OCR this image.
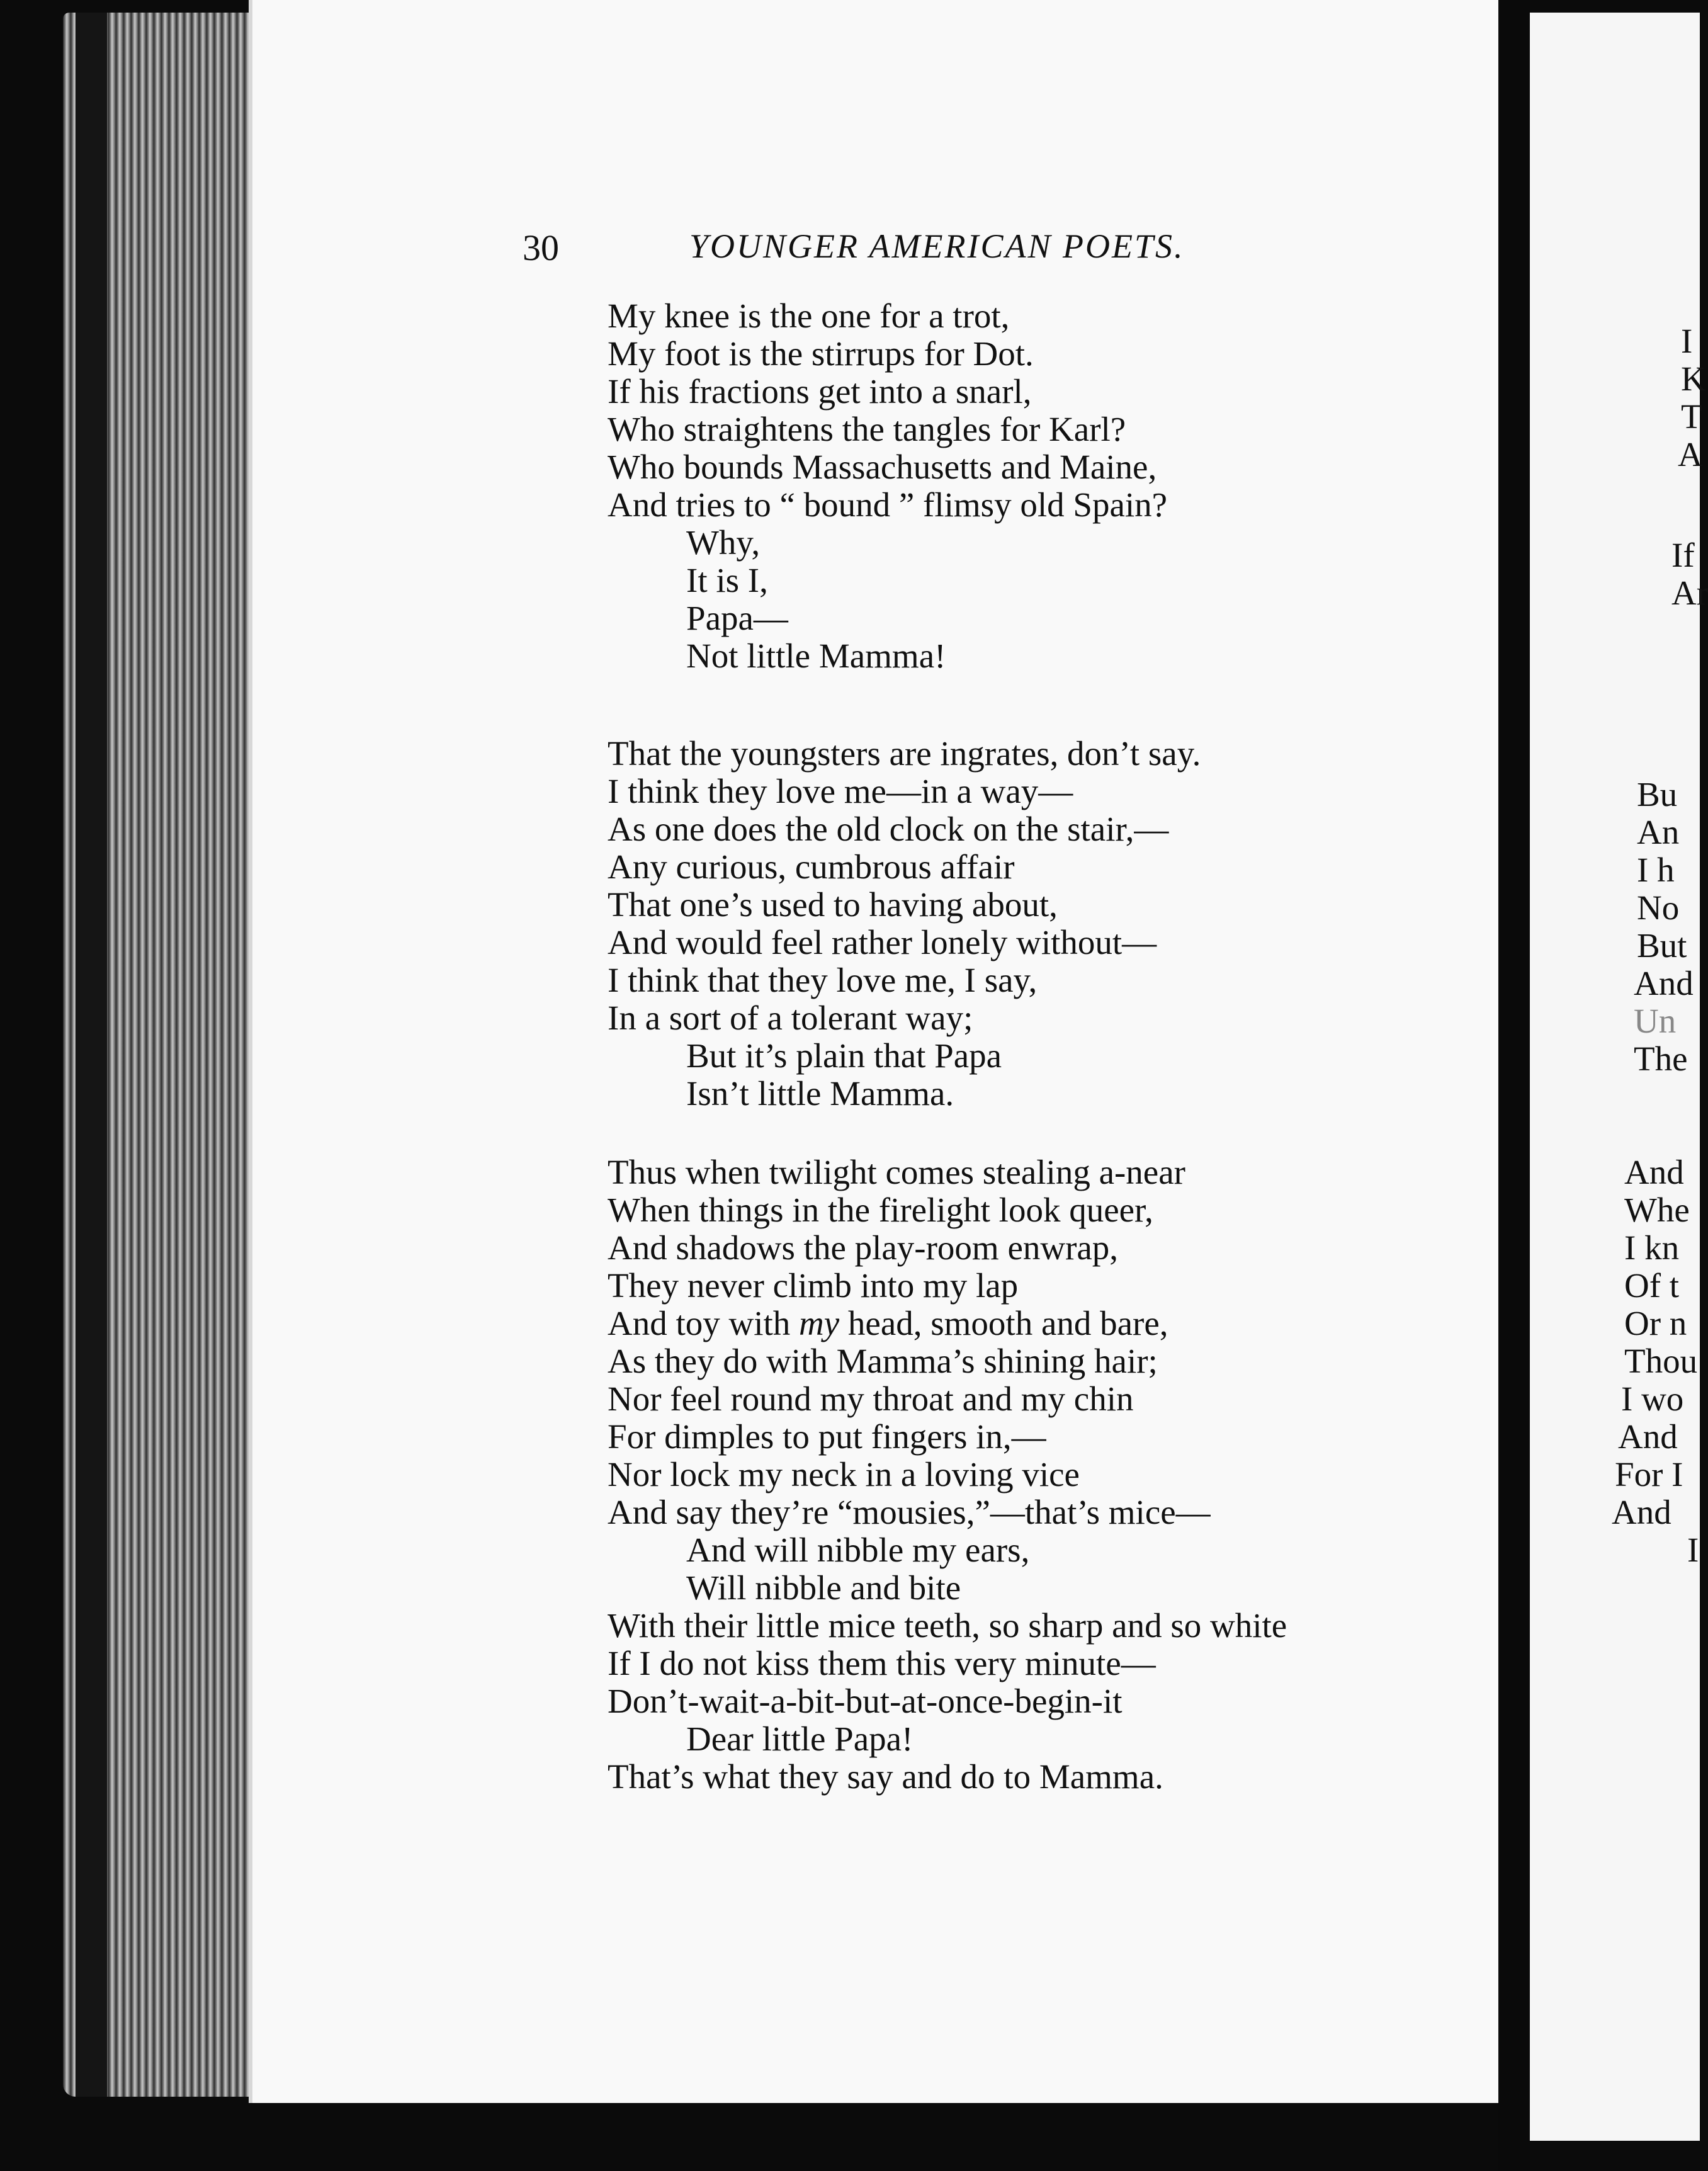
30	YOUNGER AMERICAN POETS.
My knee is the one for a trot,
My foot is the stirrups for Dot.
If his fractions get into a snarl,
Who straightens the tangles for Karl?
Who bounds Massachusetts and Maine,
And tries to “ bound ” flimsy old Spain?
Why,
It is I,
Papa—
Not little Mamma!
That the youngsters are ingrates, don’t say.
I think they love me—in a way—
As one does the old clock on the stair,—
Any curious, cumbrous affair
That one’s used to having about,
And would feel rather lonely without—
I think that they love me, I say,
In a sort of a tolerant way;
But it’s plain that Papa
Isn’t little Mamma.
Thus when twilight comes stealing a-near
When things in the firelight look queer,
And shadows the play-room enwrap,
They never climb into my lap
And toy with my head, smooth and bare,
As they do with Mamma’s shining hair;
Nor feel round my throat and my chin
For dimples to put fingers in,—
Nor lock my neck in a loving vice
And say they’re “mousies,”—that’s mice—
And will nibble my ears,
Will nibble and bite
With their little mice teeth, so sharp and so white
If I do not kiss them this very minute—
Don’t-wait-a-bit-but-at-once-begin-it
Dear little Papa!
That’s what they say and do to Mamma.
I
K
T
A
If
Ar
Bu
An
I h
No
But
And
Un
The
And
Whe
I kn
Of t
Or n
Thou
I wo
And
For I
And
I
